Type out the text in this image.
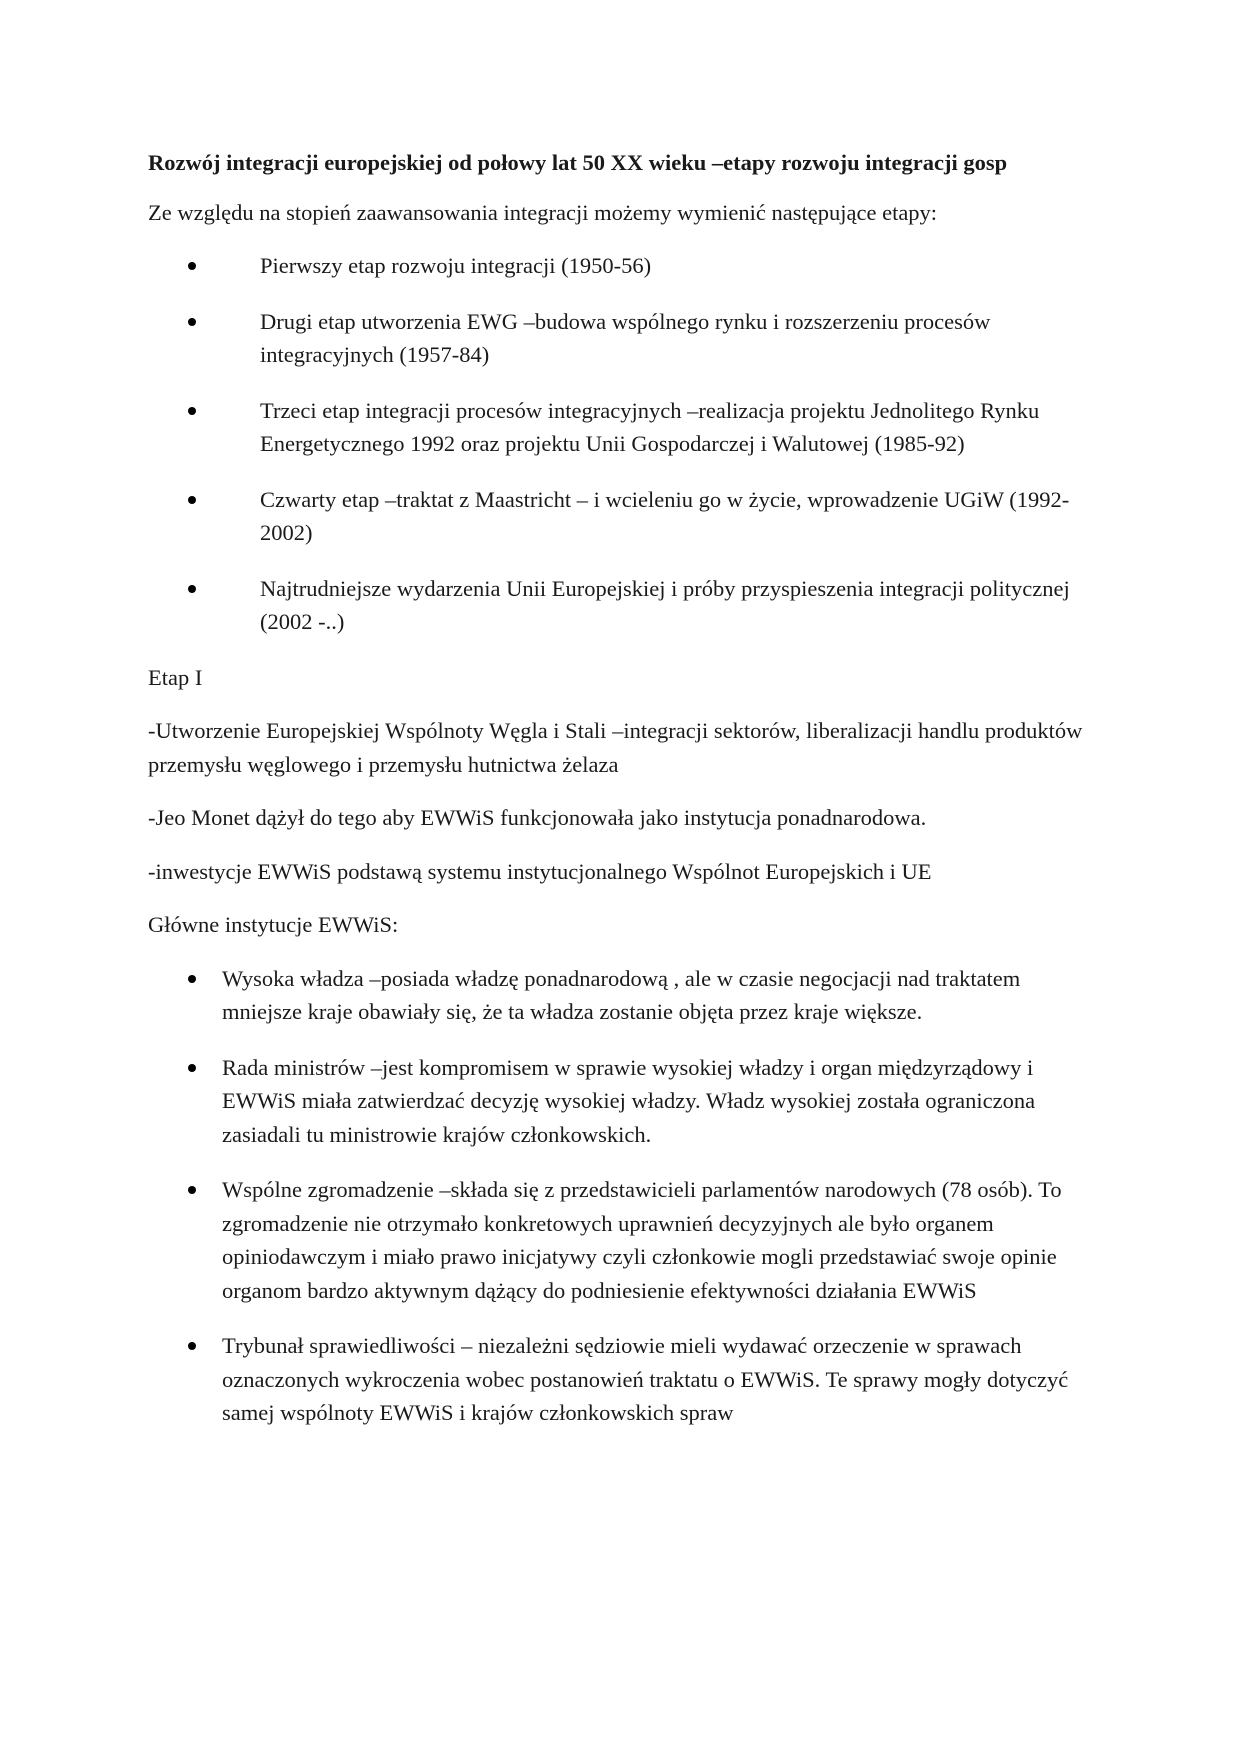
Rozwój integracji europejskiej od połowy lat 50 XX wieku –etapy rozwoju integracji gosp

Ze względu na stopień zaawansowania integracji możemy wymienić następujące etapy:

Pierwszy etap rozwoju integracji (1950-56)
Drugi etap utworzenia EWG –budowa wspólnego rynku i rozszerzeniu procesów integracyjnych (1957-84)
Trzeci etap integracji procesów integracyjnych –realizacja projektu Jednolitego Rynku Energetycznego 1992 oraz projektu Unii Gospodarczej i Walutowej (1985-92)
Czwarty etap –traktat z Maastricht – i wcieleniu go w życie, wprowadzenie UGiW (1992-2002)
Najtrudniejsze wydarzenia Unii Europejskiej i próby przyspieszenia integracji politycznej (2002 -..)

Etap I

-Utworzenie Europejskiej Wspólnoty Węgla i Stali –integracji sektorów, liberalizacji handlu produktów przemysłu węglowego i przemysłu hutnictwa żelaza

-Jeo Monet dążył do tego aby EWWiS funkcjonowała jako instytucja ponadnarodowa.

-inwestycje EWWiS podstawą systemu instytucjonalnego Wspólnot Europejskich i UE

Główne instytucje EWWiS:

Wysoka władza –posiada władzę ponadnarodową , ale w czasie negocjacji nad traktatem mniejsze kraje obawiały się, że ta władza zostanie objęta przez kraje większe.
Rada ministrów –jest kompromisem w sprawie wysokiej władzy i organ międzyrządowy i EWWiS miała zatwierdzać decyzję wysokiej władzy. Władz wysokiej została ograniczona zasiadali tu ministrowie krajów członkowskich.
Wspólne zgromadzenie –składa się z przedstawicieli parlamentów narodowych (78 osób). To zgromadzenie nie otrzymało konkretowych uprawnień decyzyjnych ale było organem opiniodawczym i miało prawo inicjatywy czyli członkowie mogli przedstawiać swoje opinie organom bardzo aktywnym dążący do podniesienie efektywności działania EWWiS
Trybunał sprawiedliwości – niezależni sędziowie mieli wydawać orzeczenie w sprawach oznaczonych wykroczenia wobec postanowień traktatu o EWWiS. Te sprawy mogły dotyczyć samej wspólnoty EWWiS i krajów członkowskich spraw
